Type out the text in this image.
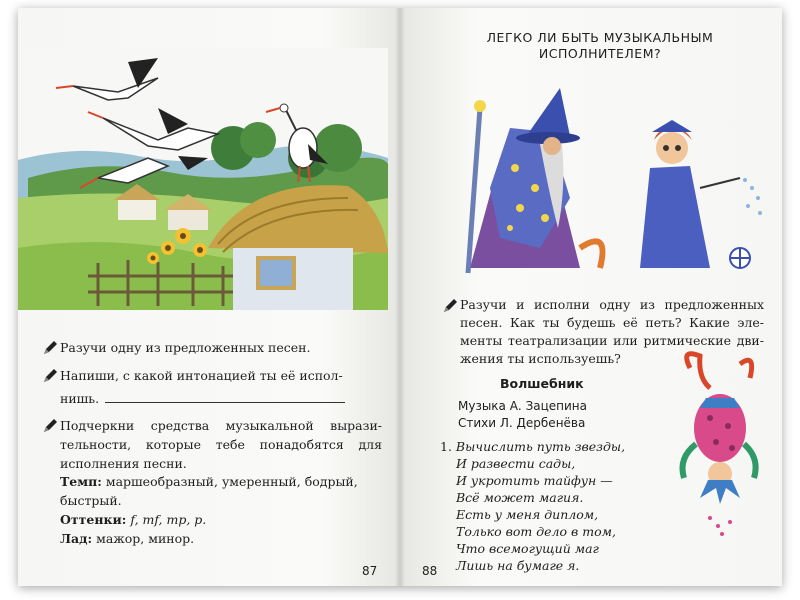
Разучи одну из предложенных песен.
Напиши, с какой интонацией ты её испол-
нишь.
Подчеркни средства музыкальной вырази-тельности, которые тебе понадобятся для исполнения песни.
Темп: маршеобразный, умеренный, бодрый, быстрый.
Оттенки: f, mf, mp, p.
Лад: мажор, минор.
87
ЛЕГКО ЛИ БЫТЬ МУЗЫКАЛЬНЫМ
ИСПОЛНИТЕЛЕМ?
Разучи и исполни одну из предложенных песен. Как ты будешь её петь? Какие эле-менты театрализации или ритмические дви-жения ты используешь?
Волшебник
Музыка А. Зацепина
Стихи Л. Дербенёва
1. Вычислить путь звезды,
И развести сады,
И укротить тайфун —
Всё может магия.
Есть у меня диплом,
Только вот дело в том,
Что всемогущий маг
Лишь на бумаге я.
88
